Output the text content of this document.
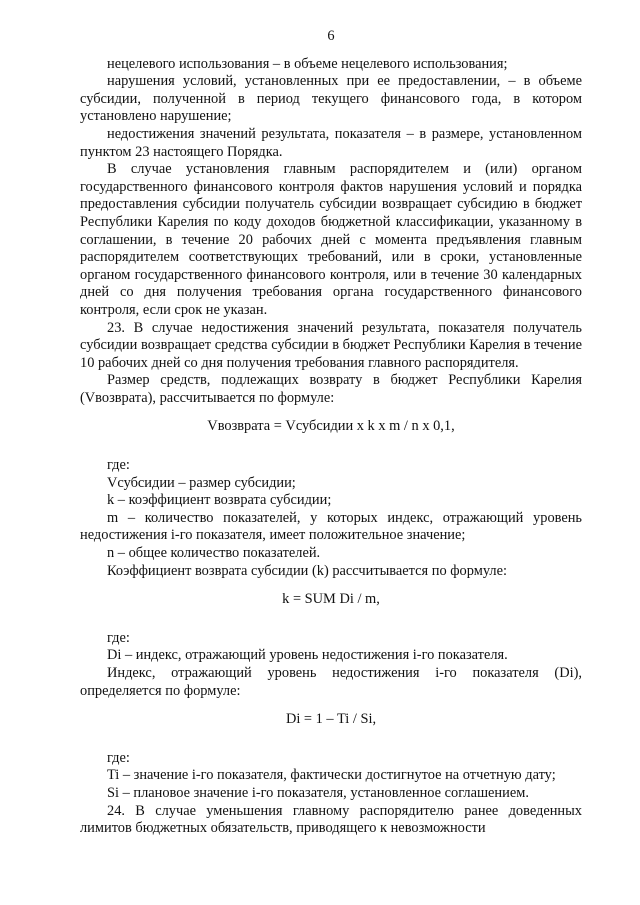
6

нецелевого использования – в объеме нецелевого использования;

нарушения условий, установленных при ее предоставлении, – в объеме субсидии, полученной в период текущего финансового года, в котором установлено нарушение;

недостижения значений результата, показателя – в размере, установленном пунктом 23 настоящего Порядка.

В случае установления главным распорядителем и (или) органом государственного финансового контроля фактов нарушения условий и порядка предоставления субсидии получатель субсидии возвращает субсидию в бюджет Республики Карелия по коду доходов бюджетной классификации, указанному в соглашении, в течение 20 рабочих дней с момента предъявления главным распорядителем соответствующих требований, или в сроки, установленные органом государственного финансового контроля, или в течение 30 календарных дней со дня получения требования органа государственного финансового контроля, если срок не указан.

23. В случае недостижения значений результата, показателя получатель субсидии возвращает средства субсидии в бюджет Республики Карелия в течение 10 рабочих дней со дня получения требования главного распорядителя.

Размер средств, подлежащих возврату в бюджет Республики Карелия (Vвозврата), рассчитывается по формуле:

Vвозврата = Vсубсидии x k x m / n x 0,1,

где:

Vсубсидии – размер субсидии;

k – коэффициент возврата субсидии;

m – количество показателей, у которых индекс, отражающий уровень недостижения i-го показателя, имеет положительное значение;

n – общее количество показателей.

Коэффициент возврата субсидии (k) рассчитывается по формуле:

k = SUM Di / m,

где:

Di – индекс, отражающий уровень недостижения i-го показателя.

Индекс, отражающий уровень недостижения i-го показателя (Di), определяется по формуле:

Di = 1 – Ti / Si,

где:

Ti – значение i-го показателя, фактически достигнутое на отчетную дату;

Si – плановое значение i-го показателя, установленное соглашением.

24. В случае уменьшения главному распорядителю ранее доведенных лимитов бюджетных обязательств, приводящего к невозможности
